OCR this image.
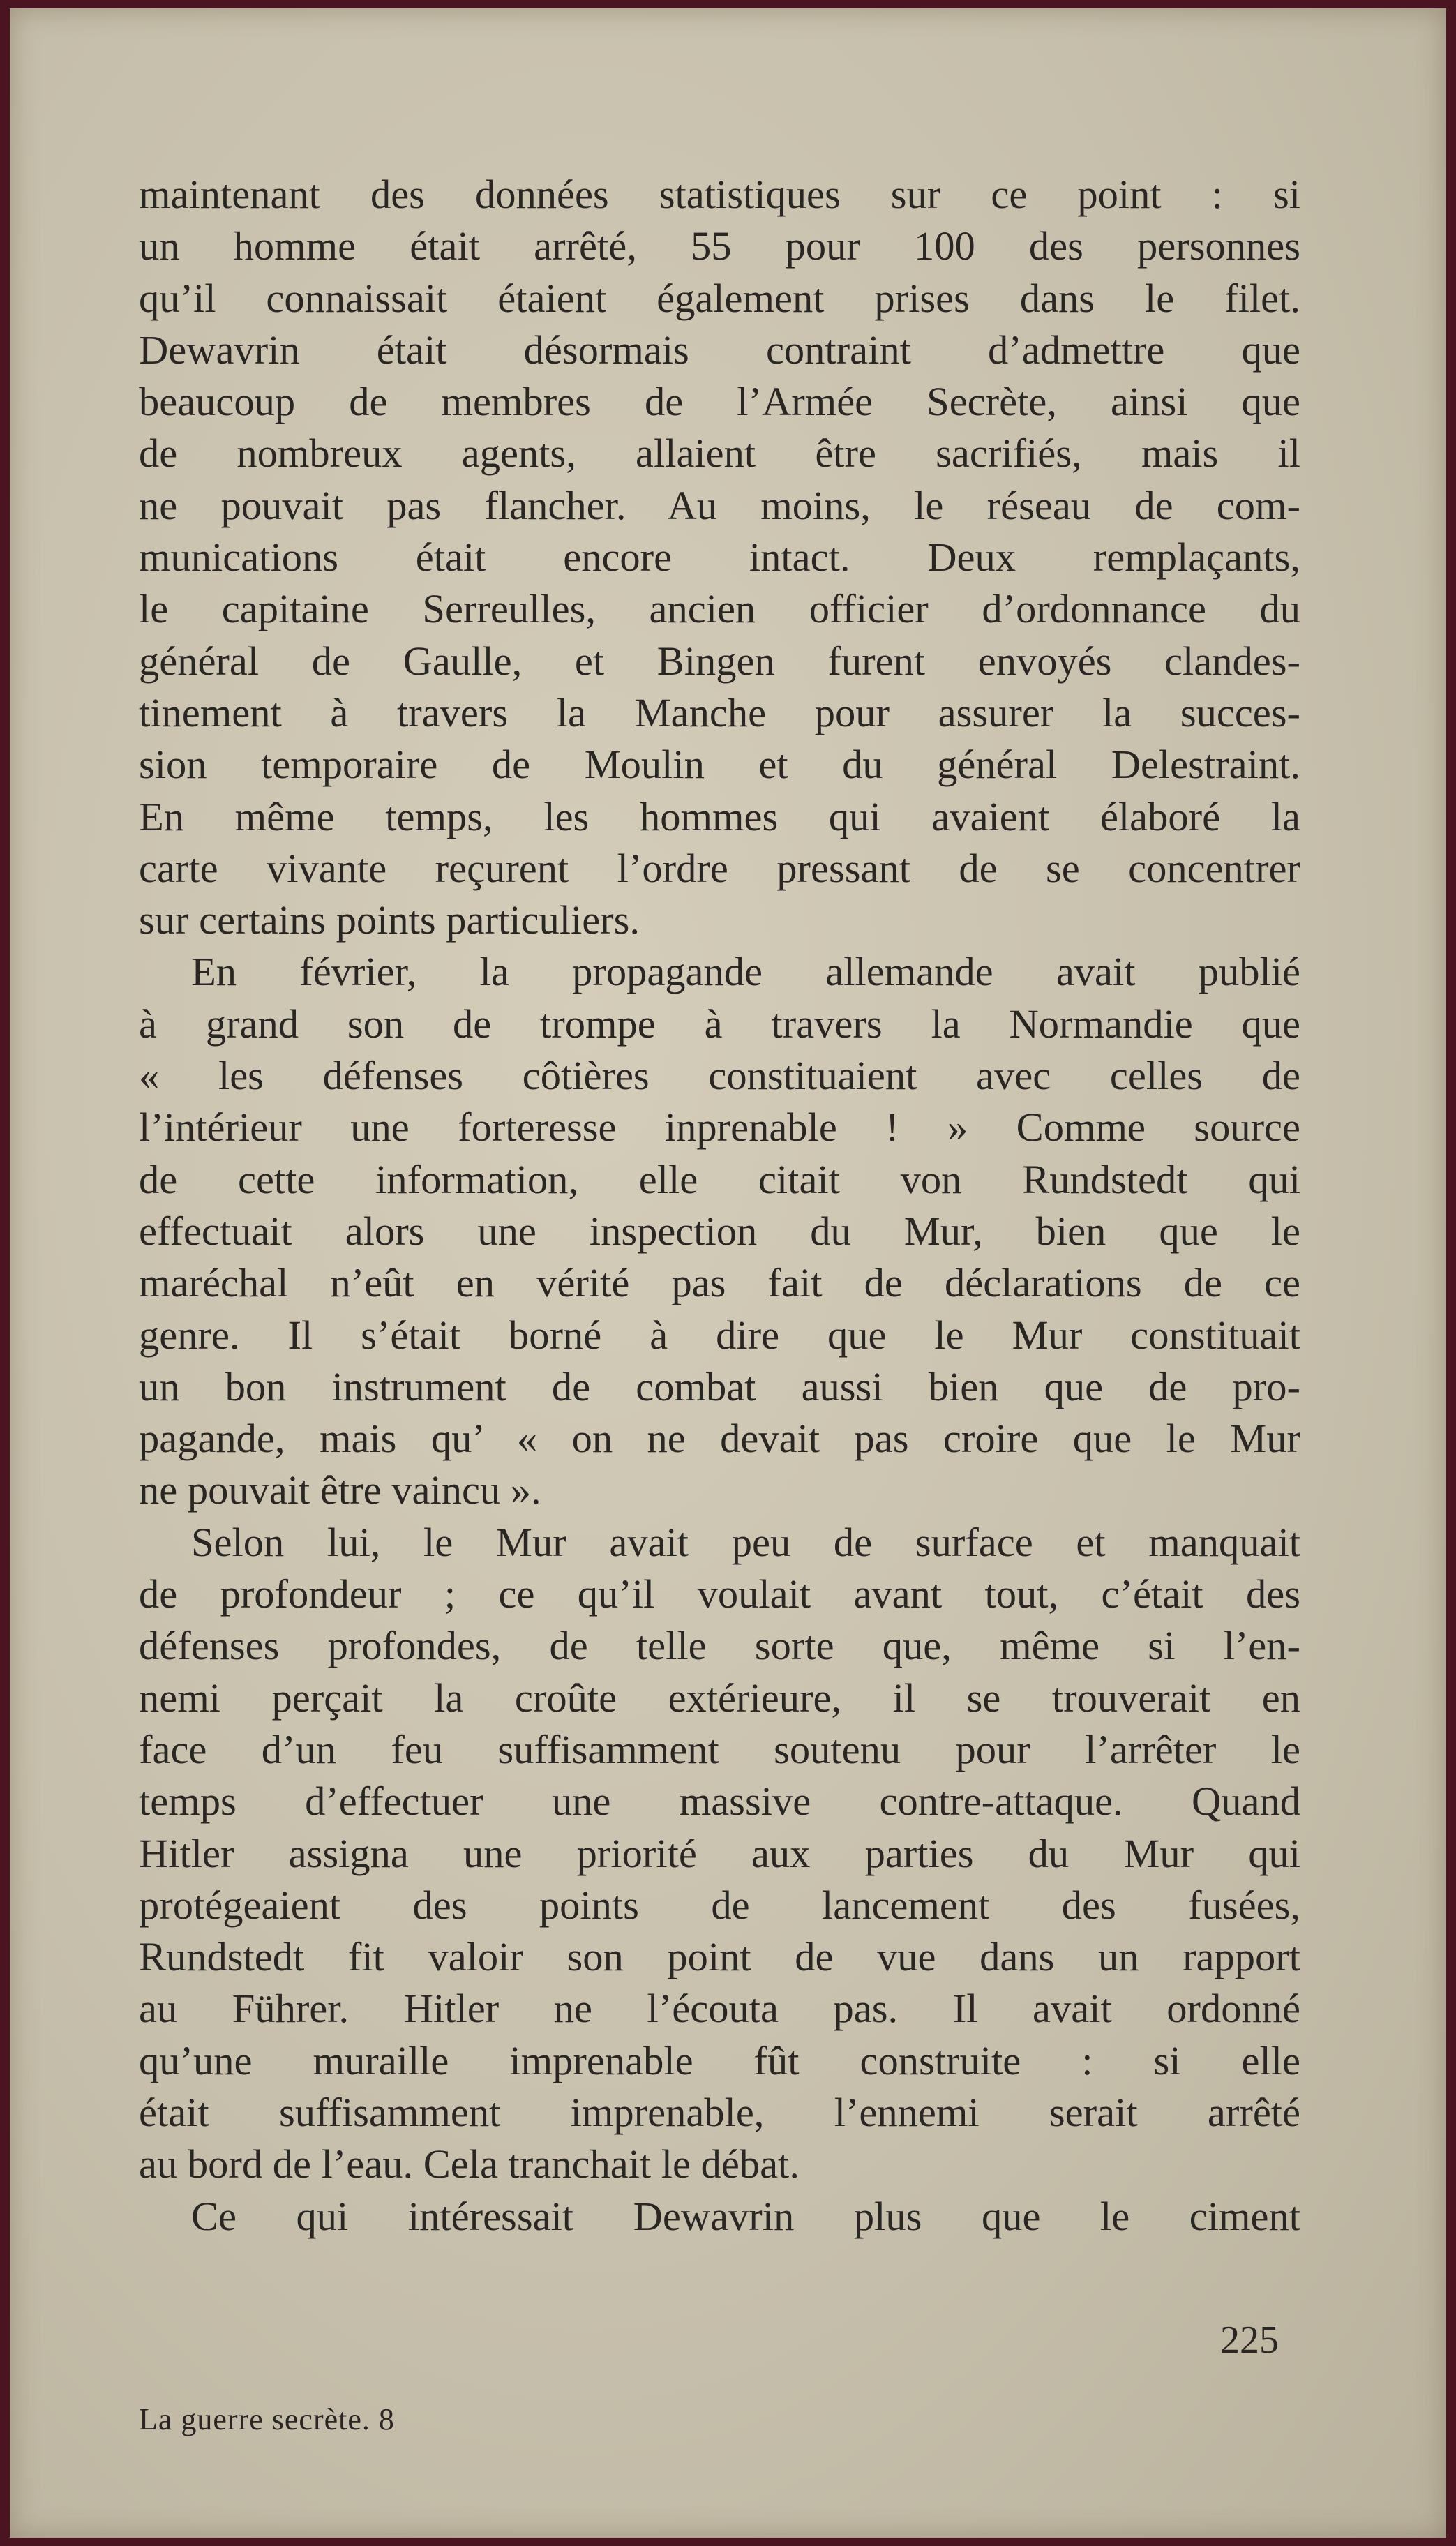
maintenant des données statistiques sur ce point : si
un homme était arrêté, 55 pour 100 des personnes
qu’il connaissait étaient également prises dans le filet.
Dewavrin était désormais contraint d’admettre que
beaucoup de membres de l’Armée Secrète, ainsi que
de nombreux agents, allaient être sacrifiés, mais il
ne pouvait pas flancher. Au moins, le réseau de com-
munications était encore intact. Deux remplaçants,
le capitaine Serreulles, ancien officier d’ordonnance du
général de Gaulle, et Bingen furent envoyés clandes-
tinement à travers la Manche pour assurer la succes-
sion temporaire de Moulin et du général Delestraint.
En même temps, les hommes qui avaient élaboré la
carte vivante reçurent l’ordre pressant de se concentrer
sur certains points particuliers.
En février, la propagande allemande avait publié
à grand son de trompe à travers la Normandie que
« les défenses côtières constituaient avec celles de
l’intérieur une forteresse inprenable ! » Comme source
de cette information, elle citait von Rundstedt qui
effectuait alors une inspection du Mur, bien que le
maréchal n’eût en vérité pas fait de déclarations de ce
genre. Il s’était borné à dire que le Mur constituait
un bon instrument de combat aussi bien que de pro-
pagande, mais qu’ « on ne devait pas croire que le Mur
ne pouvait être vaincu ».
Selon lui, le Mur avait peu de surface et manquait
de profondeur ; ce qu’il voulait avant tout, c’était des
défenses profondes, de telle sorte que, même si l’en-
nemi perçait la croûte extérieure, il se trouverait en
face d’un feu suffisamment soutenu pour l’arrêter le
temps d’effectuer une massive contre-attaque. Quand
Hitler assigna une priorité aux parties du Mur qui
protégeaient des points de lancement des fusées,
Rundstedt fit valoir son point de vue dans un rapport
au Führer. Hitler ne l’écouta pas. Il avait ordonné
qu’une muraille imprenable fût construite : si elle
était suffisamment imprenable, l’ennemi serait arrêté
au bord de l’eau. Cela tranchait le débat.
Ce qui intéressait Dewavrin plus que le ciment
225
La guerre secrète. 8
